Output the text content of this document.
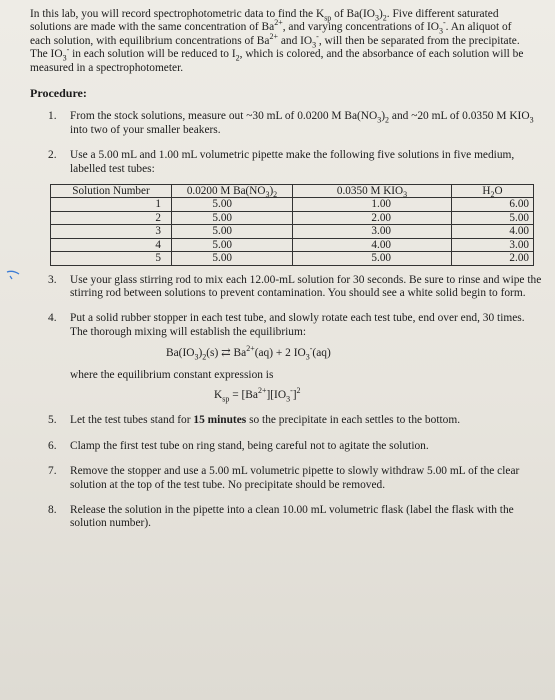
In this lab, you will record spectrophotometric data to find the $K_{sp}$ of $Ba(IO_3)_2$. Five different saturated solutions are made with the same concentration of $Ba^{2+}$, and varying concentrations of $IO_3^-$. An aliquot of each solution, with equilibrium concentrations of $Ba^{2+}$ and $IO_3^-$, will then be separated from the precipitate. The $IO_3^-$ in each solution will be reduced to $I_2$, which is colored, and the absorbance of each solution will be measured in a spectrophotometer.

Procedure:
1. From the stock solutions, measure out ~30 mL of 0.0200 M $Ba(NO_3)_2$ and ~20 mL of 0.0350 M $KIO_3$ into two of your smaller beakers.
2. Use a 5.00 mL and 1.00 mL volumetric pipette make the following five solutions in five medium, labelled test tubes:
Solution Number	0.0200 M $Ba(NO_3)_2$	0.0350 M $KIO_3$	$H_2O$
1	5.00	1.00	6.00
2	5.00	2.00	5.00
3	5.00	3.00	4.00
4	5.00	4.00	3.00
5	5.00	5.00	2.00
3. Use your glass stirring rod to mix each 12.00-mL solution for 30 seconds. Be sure to rinse and wipe the stirring rod between solutions to prevent contamination. You should see a white solid begin to form.
4. Put a solid rubber stopper in each test tube, and slowly rotate each test tube, end over end, 30 times. The thorough mixing will establish the equilibrium:
$Ba(IO_3)_2(s)$ ⇄ $Ba^{2+}(aq) + 2$ $IO_3^-(aq)$
where the equilibrium constant expression is
$K_{sp} = [Ba^{2+}][IO_3^-]^2$
5. Let the test tubes stand for 15 minutes so the precipitate in each settles to the bottom.
6. Clamp the first test tube on ring stand, being careful not to agitate the solution.
7. Remove the stopper and use a 5.00 mL volumetric pipette to slowly withdraw 5.00 mL of the clear solution at the top of the test tube. No precipitate should be removed.
8. Release the solution in the pipette into a clean 10.00 mL volumetric flask (label the flask with the solution number).
